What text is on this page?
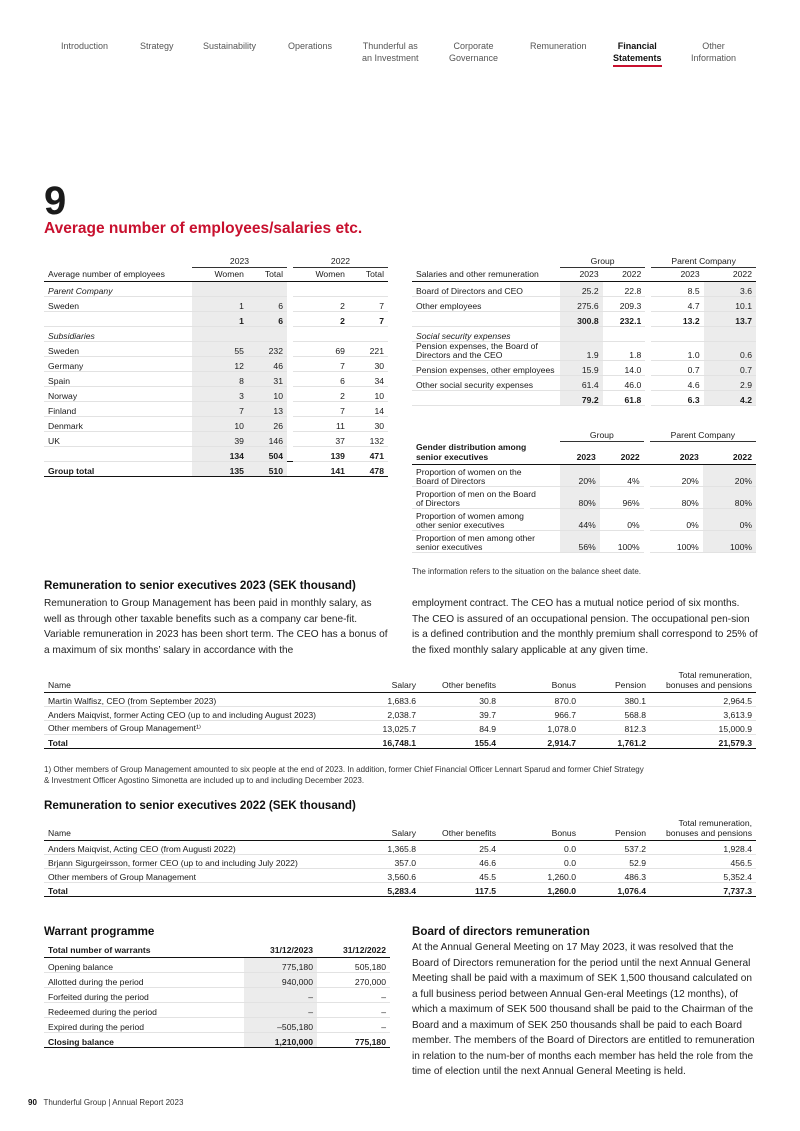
Introduction	Strategy	Sustainability	Operations	Thunderful as
an Investment
Corporate
Governance
Remuneration	Financial
Statements
Other
Information
9
Average number of employees/salaries etc.
	2023			2022	
Average number of employees	Women	Total		Women	Total
Parent Company					
Sweden	1	6		2	7
	1	6		2	7
Subsidiaries					
Sweden	55	232		69	221
Germany	12	46		7	30
Spain	8	31		6	34
Norway	3	10		2	10
Finland	7	13		7	14
Denmark	10	26		11	30
UK	39	146		37	132
	134	504		139	471
Group total	135	510		141	478
	Group			Parent Company	
Salaries and other remuneration	2023	2022		2023	2022
Board of Directors and CEO	25.2	22.8		8.5	3.6
Other employees	275.6	209.3		4.7	10.1
	300.8	232.1		13.2	13.7
Social security expenses					
Pension expenses, the Board of
Directors and the CEO	1.9	1.8		1.0	0.6
Pension expenses, other employees	15.9	14.0		0.7	0.7
Other social security expenses	61.4	46.0		4.6	2.9
	79.2	61.8		6.3	4.2
	Group			Parent Company	
Gender distribution among
senior executives	2023	2022		2023	2022
Proportion of women on the
Board of Directors	20%	4%		20%	20%
Proportion of men on the Board
of Directors	80%	96%		80%	80%
Proportion of women among
other senior executives	44%	0%		0%	0%
Proportion of men among other
senior executives	56%	100%		100%	100%
The information refers to the situation on the balance sheet date.
Remuneration to senior executives 2023 (SEK thousand)
Remuneration to Group Management has been paid in monthly salary, as well as through other taxable benefits such as a company car bene-fit. Variable remuneration in 2023 has been short term. The CEO has a bonus of a maximum of six months’ salary in accordance with the
employment contract. The CEO has a mutual notice period of six months. The CEO is assured of an occupational pension. The occupational pen-sion is a defined contribution and the monthly premium shall correspond to 25% of the fixed monthly salary applicable at any given time.
Name	Salary	Other benefits	Bonus	Pension	Total remuneration,
bonuses and pensions
Martin Walfisz, CEO (from September 2023)	1,683.6	30.8	870.0	380.1	2,964.5
Anders Maiqvist, former Acting CEO (up to and including August 2023)	2,038.7	39.7	966.7	568.8	3,613.9
Other members of Group Management¹⁾	13,025.7	84.9	1,078.0	812.3	15,000.9
Total	16,748.1	155.4	2,914.7	1,761.2	21,579.3
1) Other members of Group Management amounted to six people at the end of 2023. In addition, former Chief Financial Officer Lennart Sparud and former Chief Strategy
& Investment Officer Agostino Simonetta are included up to and including December 2023.
Remuneration to senior executives 2022 (SEK thousand)
Name	Salary	Other benefits	Bonus	Pension	Total remuneration,
bonuses and pensions
Anders Maiqvist, Acting CEO (from Augusti 2022)	1,365.8	25.4	0.0	537.2	1,928.4
Brjann Sigurgeirsson, former CEO (up to and including July 2022)	357.0	46.6	0.0	52.9	456.5
Other members of Group Management	3,560.6	45.5	1,260.0	486.3	5,352.4
Total	5,283.4	117.5	1,260.0	1,076.4	7,737.3
Warrant programme
Total number of warrants	31/12/2023	31/12/2022
Opening balance	775,180	505,180
Allotted during the period	940,000	270,000
Forfeited during the period	–	–
Redeemed during the period	–	–
Expired during the period	–505,180	–
Closing balance	1,210,000	775,180
Board of directors remuneration
At the Annual General Meeting on 17 May 2023, it was resolved that the Board of Directors remuneration for the period until the next Annual General Meeting shall be paid with a maximum of SEK 1,500 thousand calculated on a full business period between Annual Gen-eral Meetings (12 months), of which a maximum of SEK 500 thousand shall be paid to the Chairman of the Board and a maximum of SEK 250 thousands shall be paid to each Board member. The members of the Board of Directors are entitled to remuneration in relation to the num-ber of months each member has held the role from the time of election until the next Annual General Meeting is held.
90 Thunderful Group | Annual Report 2023
